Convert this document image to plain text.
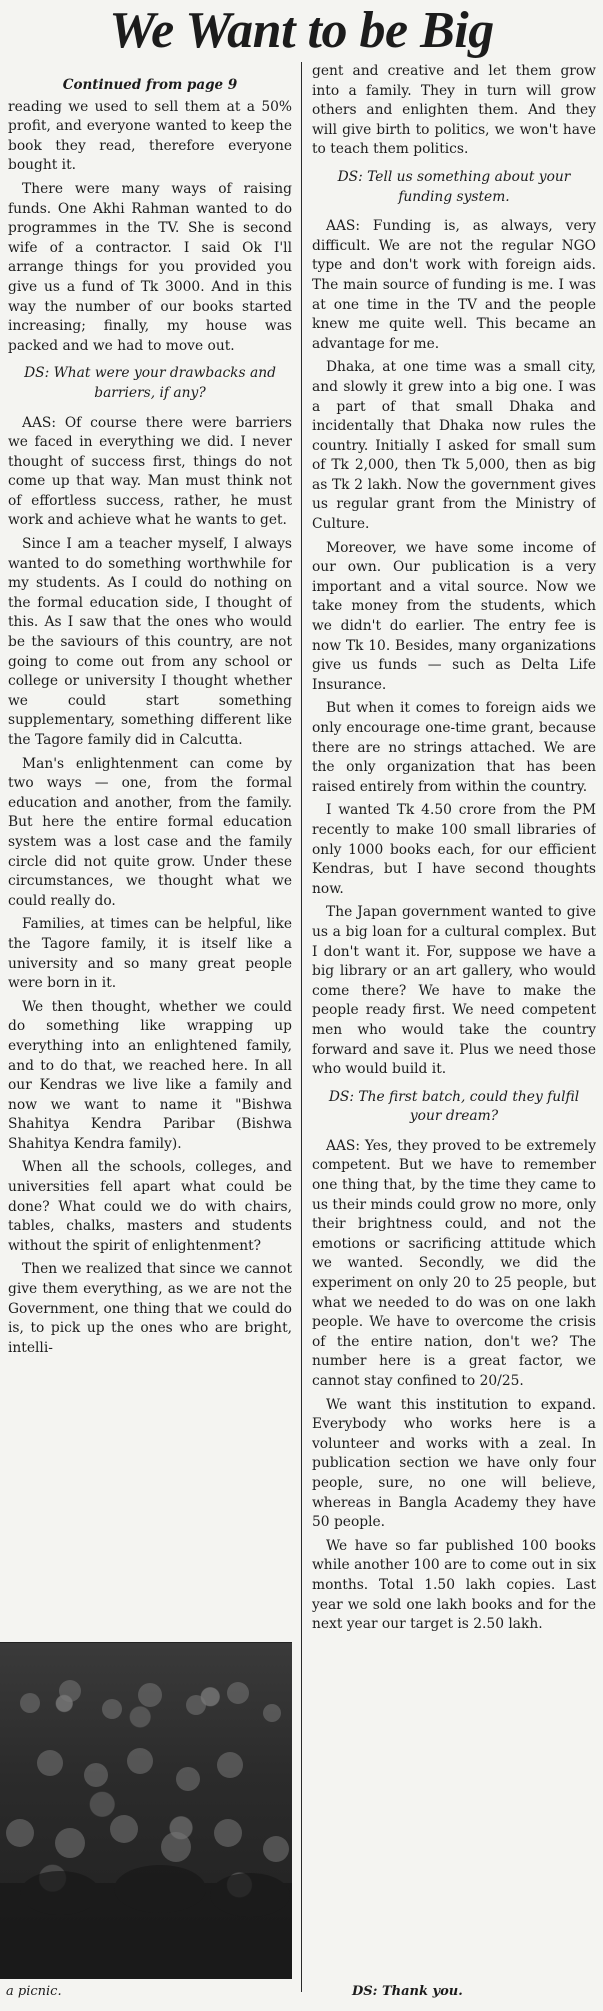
We Want to be Big
Continued from page 9

reading we used to sell them at a 50% profit, and everyone wanted to keep the book they read, therefore everyone bought it.

There were many ways of raising funds. One Akhi Rahman wanted to do programmes in the TV. She is second wife of a contractor. I said Ok I'll arrange things for you provided you give us a fund of Tk 3000. And in this way the number of our books started increasing; finally, my house was packed and we had to move out.

DS: What were your drawbacks and barriers, if any?

AAS: Of course there were barriers we faced in everything we did. I never thought of success first, things do not come up that way. Man must think not of effortless success, rather, he must work and achieve what he wants to get.

Since I am a teacher myself, I always wanted to do something worthwhile for my students. As I could do nothing on the formal education side, I thought of this. As I saw that the ones who would be the saviours of this country, are not going to come out from any school or college or university I thought whether we could start something supplementary, something different like the Tagore family did in Calcutta.

Man's enlightenment can come by two ways — one, from the formal education and another, from the family. But here the entire formal education system was a lost case and the family circle did not quite grow. Under these circumstances, we thought what we could really do.

Families, at times can be helpful, like the Tagore family, it is itself like a university and so many great people were born in it.

We then thought, whether we could do something like wrapping up everything into an enlightened family, and to do that, we reached here. In all our Kendras we live like a family and now we want to name it "Bishwa Shahitya Kendra Paribar (Bishwa Shahitya Kendra family).

When all the schools, colleges, and universities fell apart what could be done? What could we do with chairs, tables, chalks, masters and students without the spirit of enlightenment?

Then we realized that since we cannot give them everything, as we are not the Government, one thing that we could do is, to pick up the ones who are bright, intelli-

gent and creative and let them grow into a family. They in turn will grow others and enlighten them. And they will give birth to politics, we won't have to teach them politics.

DS: Tell us something about your funding system.

AAS: Funding is, as always, very difficult. We are not the regular NGO type and don't work with foreign aids. The main source of funding is me. I was at one time in the TV and the people knew me quite well. This became an advantage for me.

Dhaka, at one time was a small city, and slowly it grew into a big one. I was a part of that small Dhaka and incidentally that Dhaka now rules the country. Initially I asked for small sum of Tk 2,000, then Tk 5,000, then as big as Tk 2 lakh. Now the government gives us regular grant from the Ministry of Culture.

Moreover, we have some income of our own. Our publication is a very important and a vital source. Now we take money from the students, which we didn't do earlier. The entry fee is now Tk 10. Besides, many organizations give us funds — such as Delta Life Insurance.

But when it comes to foreign aids we only encourage one-time grant, because there are no strings attached. We are the only organization that has been raised entirely from within the country.

I wanted Tk 4.50 crore from the PM recently to make 100 small libraries of only 1000 books each, for our efficient Kendras, but I have second thoughts now.

The Japan government wanted to give us a big loan for a cultural complex. But I don't want it. For, suppose we have a big library or an art gallery, who would come there? We have to make the people ready first. We need competent men who would take the country forward and save it. Plus we need those who would build it.

DS: The first batch, could they fulfil your dream?

AAS: Yes, they proved to be extremely competent. But we have to remember one thing that, by the time they came to us their minds could grow no more, only their brightness could, and not the emotions or sacrificing attitude which we wanted. Secondly, we did the experiment on only 20 to 25 people, but what we needed to do was on one lakh people. We have to overcome the crisis of the entire nation, don't we? The number here is a great factor, we cannot stay confined to 20/25.

We want this institution to expand. Everybody who works here is a volunteer and works with a zeal. In publication section we have only four people, sure, no one will believe, whereas in Bangla Academy they have 50 people.

We have so far published 100 books while another 100 are to come out in six months. Total 1.50 lakh copies. Last year we sold one lakh books and for the next year our target is 2.50 lakh.

a picnic.	DS: Thank you.
